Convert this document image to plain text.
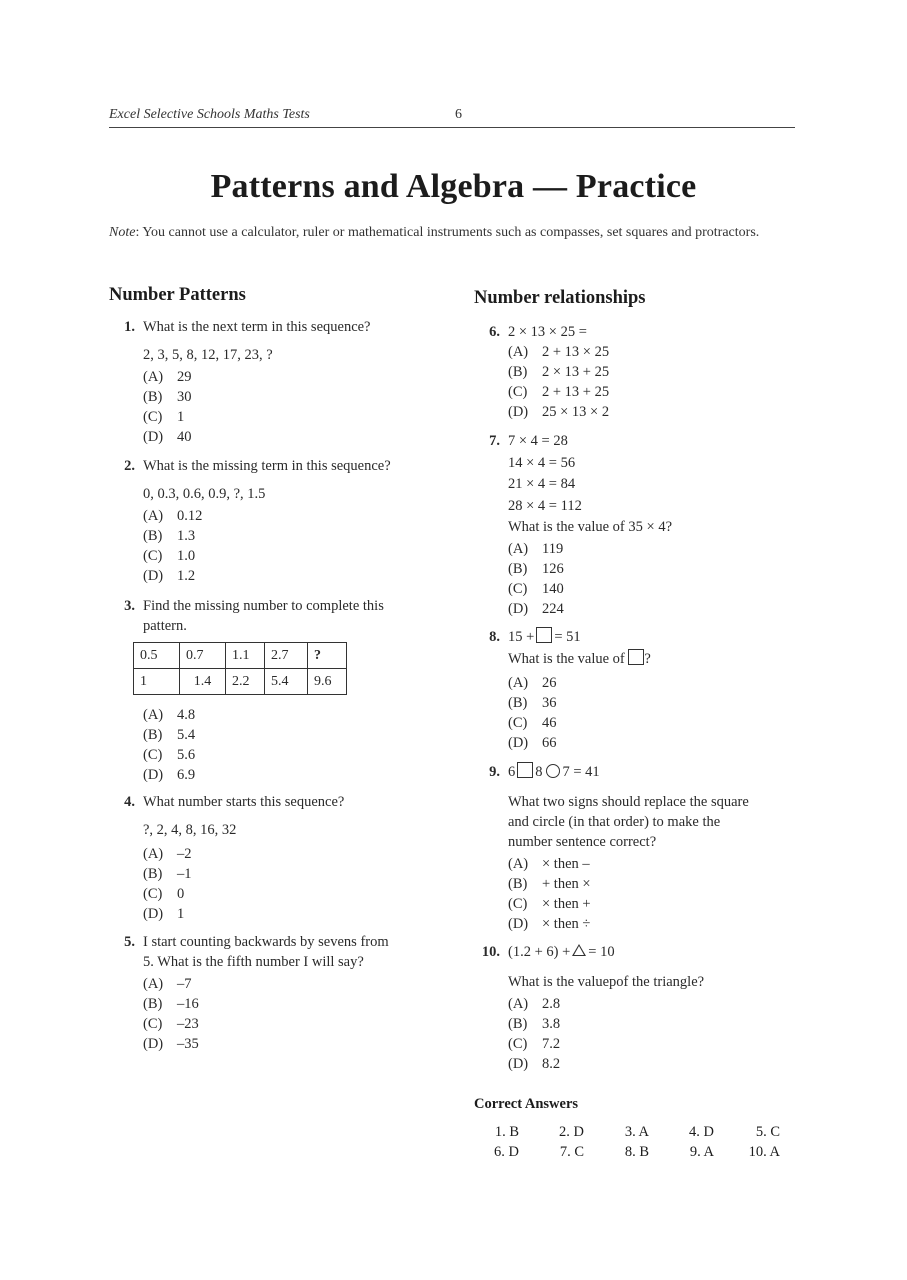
Excel Selective Schools Maths Tests	6
Patterns and Algebra — Practice
Note: You cannot use a calculator, ruler or mathematical instruments such as compasses, set squares and protractors.
Number Patterns
1. What is the next term in this sequence?
2, 3, 5, 8, 12, 17, 23, ?
(A) 29
(B) 30
(C) 1
(D) 40
2. What is the missing term in this sequence?
0, 0.3, 0.6, 0.9, ?, 1.5
(A) 0.12
(B) 1.3
(C) 1.0
(D) 1.2
3. Find the missing number to complete this
pattern.
0.5	0.7	1.1	2.7	?
1	1.4	2.2	5.4	9.6
(A) 4.8
(B) 5.4
(C) 5.6
(D) 6.9
4. What number starts this sequence?
?, 2, 4, 8, 16, 32
(A) –2
(B) –1
(C) 0
(D) 1
5. I start counting backwards by sevens from
5. What is the fifth number I will say?
(A) –7
(B) –16
(C) –23
(D) –35
Number relationships
6. 2 × 13 × 25 =
(A) 2 + 13 × 25
(B) 2 × 13 + 25
(C) 2 + 13 + 25
(D) 25 × 13 × 2
7. 7 × 4 = 28
14 × 4 = 56
21 × 4 = 84
28 × 4 = 112
What is the value of 35 × 4?
(A) 119
(B) 126
(C) 140
(D) 224
8. 15 + = 51
What is the value of ?
(A) 26
(B) 36
(C) 46
(D) 66
9. 6 8 7 = 41
What two signs should replace the square
and circle (in that order) to make the
number sentence correct?
(A) × then –
(B) + then ×
(C) × then +
(D) × then ÷
10. (1.2 + 6) + = 10
What is the valuepof the triangle?
(A) 2.8
(B) 3.8
(C) 7.2
(D) 8.2
Correct Answers
1. B	2. D	3. A	4. D	5. C
6. D	7. C	8. B	9. A	10. A
